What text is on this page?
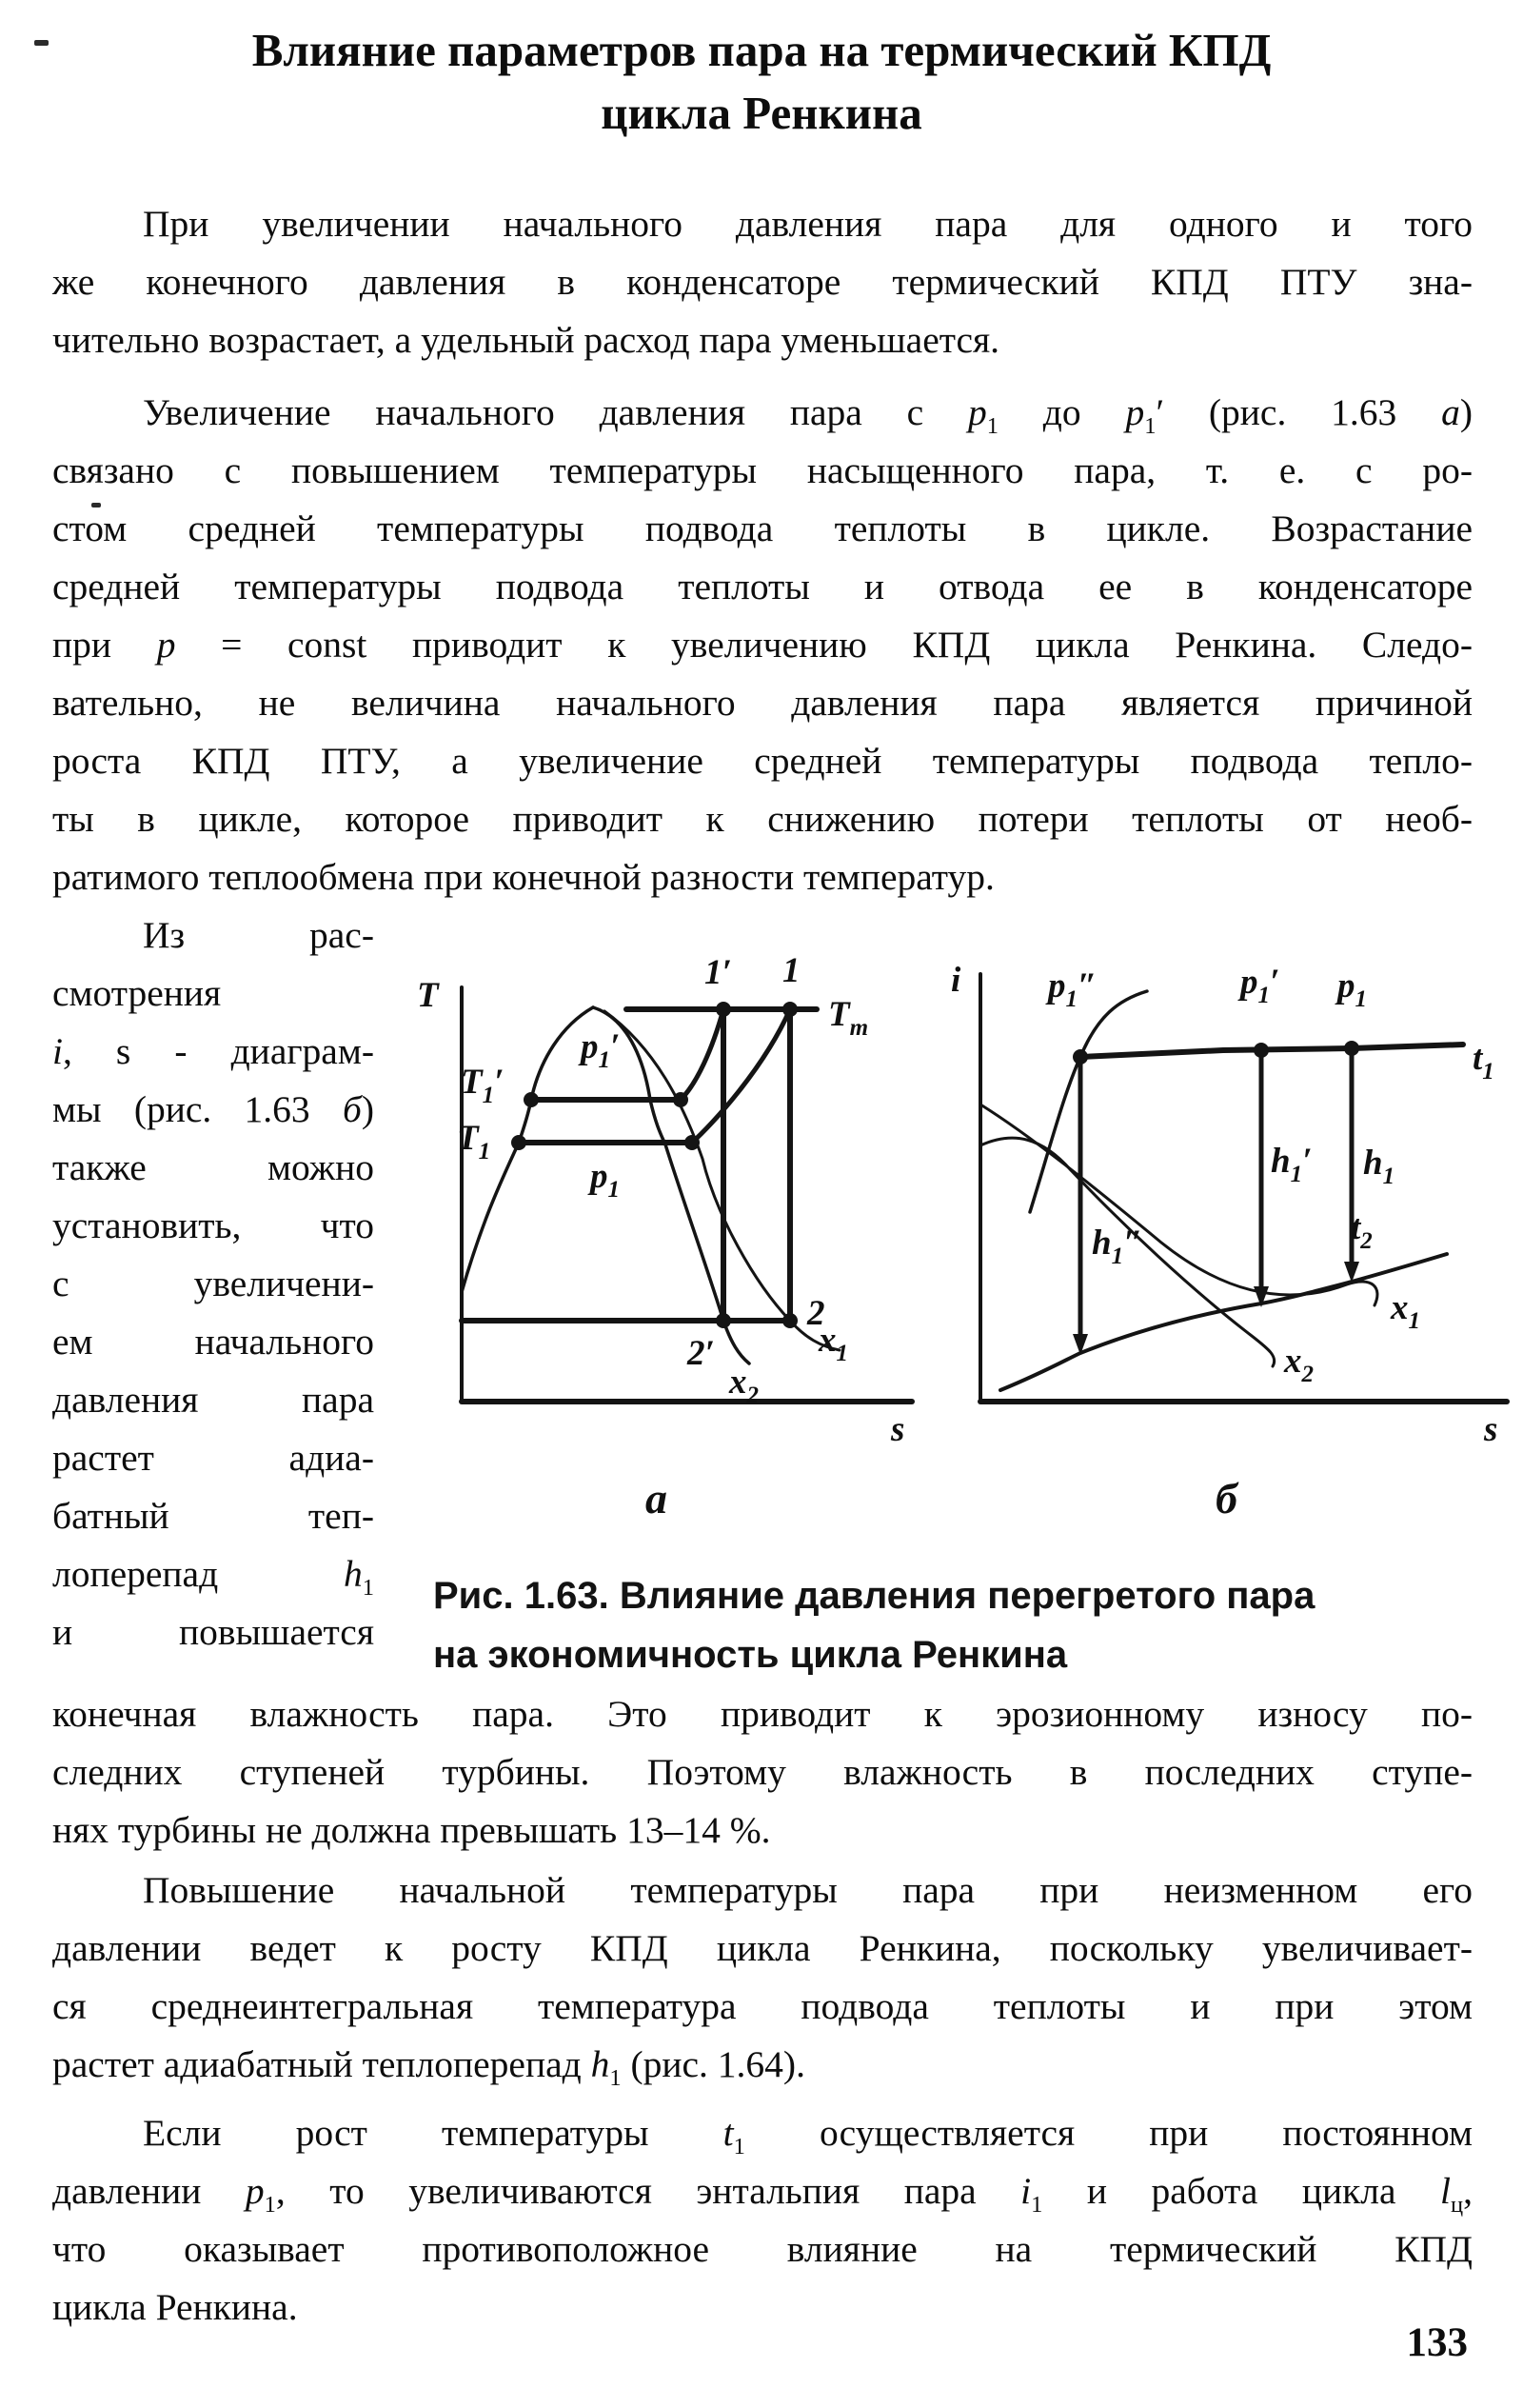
Влияние параметров пара на термический КПД
цикла Ренкина
При увеличении начального давления пара для одного и того
же конечного давления в конденсаторе термический КПД ПТУ зна-
чительно возрастает, а удельный расход пара уменьшается.
Увеличение начального давления пара с $p_1$ до $p_1'$ (рис. 1.63 а)
связано с повышением температуры насыщенного пара, т. е. с ро-
стом средней температуры подвода теплоты в цикле. Возрастание
средней температуры подвода теплоты и отвода ее в конденсаторе
при p = const приводит к увеличению КПД цикла Ренкина. Следо-
вательно, не величина начального давления пара является причиной
роста КПД ПТУ, а увеличение средней температуры подвода тепло-
ты в цикле, которое приводит к снижению потери теплоты от необ-
ратимого теплообмена при конечной разности температур.
Из рас-
смотрения
i, s - диаграм-
мы (рис. 1.63 б)
также можно
установить, что
с увеличени-
ем начального
давления пара
растет адиа-
батный теп-
лоперепад $h_1$
и повышается
T
1′ 1
$T_m$
$T_1'$
$T_1$
$p_1'$
$p_1$
2′
2
$x_2$
$x_1$
s
а
i $p_1''$	$p_1'$ $p_1$
$t_1$
$h_1''$
$h_1'$ $h_1$
$t_2$
$x_2$
$x_1$
s
б
Рис. 1.63. Влияние давления перегретого пара
на экономичность цикла Ренкина
конечная влажность пара. Это приводит к эрозионному износу по-
следних ступеней турбины. Поэтому влажность в последних ступе-
нях турбины не должна превышать 13–14 %.
Повышение начальной температуры пара при неизменном его
давлении ведет к росту КПД цикла Ренкина, поскольку увеличивает-
ся среднеинтегральная температура подвода теплоты и при этом
растет адиабатный теплоперепад $h_1$ (рис. 1.64).
Если рост температуры $t_1$ осуществляется при постоянном
давлении $p_1$, то увеличиваются энтальпия пара $i_1$ и работа цикла $l_ц$,
что оказывает противоположное влияние на термический КПД
цикла Ренкина.
133
